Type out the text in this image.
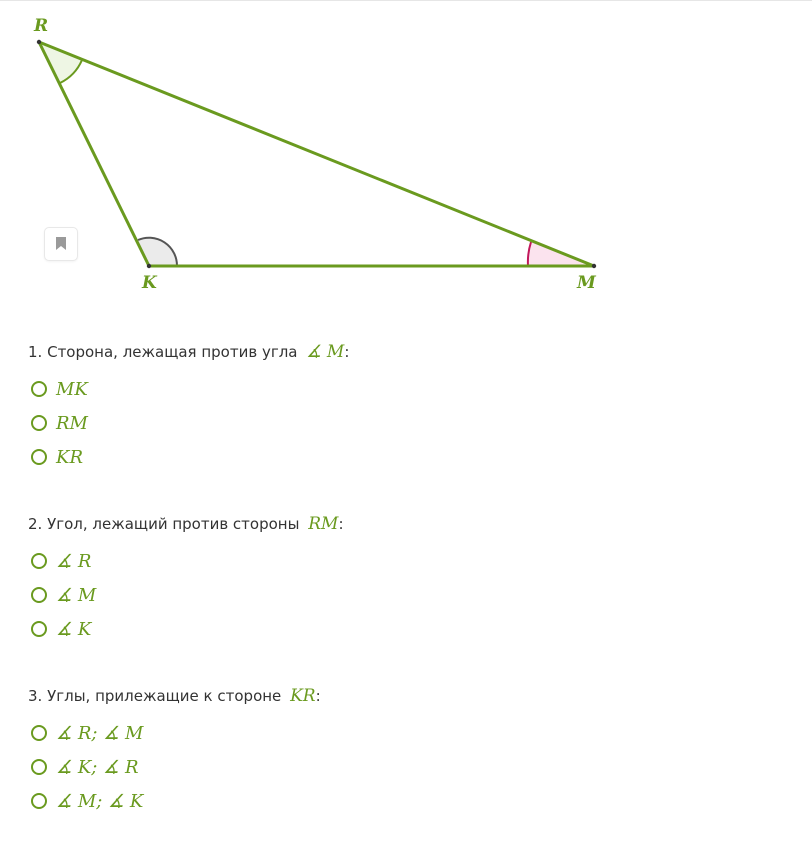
R
K	M
1. Сторона, лежащая против угла ∡ M:
MK
RM
KR
2. Угол, лежащий против стороны RM:
∡ R
∡ M
∡ K
3. Углы, прилежащие к стороне KR:
∡ R; ∡ M
∡ K; ∡ R
∡ M; ∡ K
